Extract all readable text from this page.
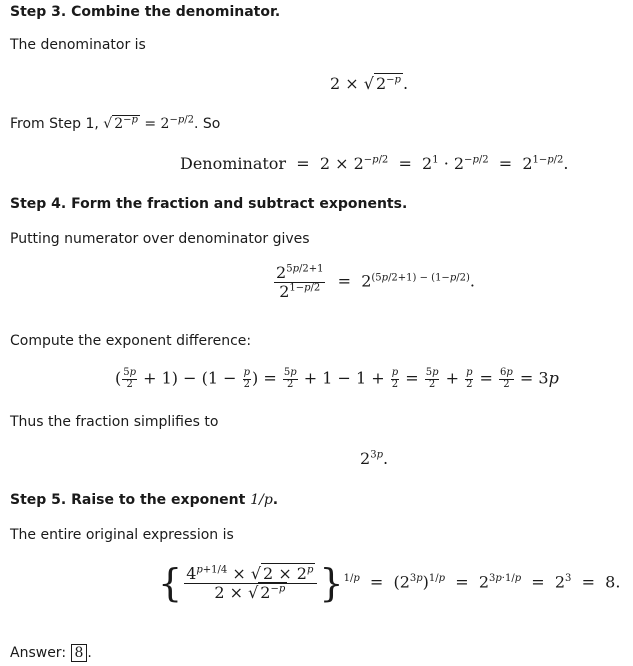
Step 3. Combine the denominator.
The denominator is
2 × √ $2^{-p}$ .
From Step 1, √ $2^{-p} = 2^{-p/2}$. So
Denominator  =  $2 \times 2^{-p/2} = 2^1 \cdot 2^{-p/2} = 2^{1-p/2}$.
Step 4. Form the fraction and subtract exponents.
Putting numerator over denominator gives
$\frac{2^{5p/2+1}}{2^{1-p/2}} = 2^{(5p/2+1) - (1-p/2)}$.
Compute the exponent difference:
( $\frac{5p}{2} + 1) - (1 - \frac{p}{2}$ ) = $\frac{5p}{2} + 1 - 1 + \frac{p}{2} = \frac{5p}{2} + \frac{p}{2} = \frac{6p}{2} = 3p$
Thus the fraction simplifies to
$2^{3p}$.
Step 5. Raise to the exponent 1/p.
The entire original expression is
{ $\frac{4^{p+1/4} \times √ 2 \times 2^p}{2 \times √ 2^{-p}} \}^{1/p} = (2^{3p})^{1/p} = 2^{3p\cdot 1/p} = 2^3 = 8$.
Answer: 8 .
